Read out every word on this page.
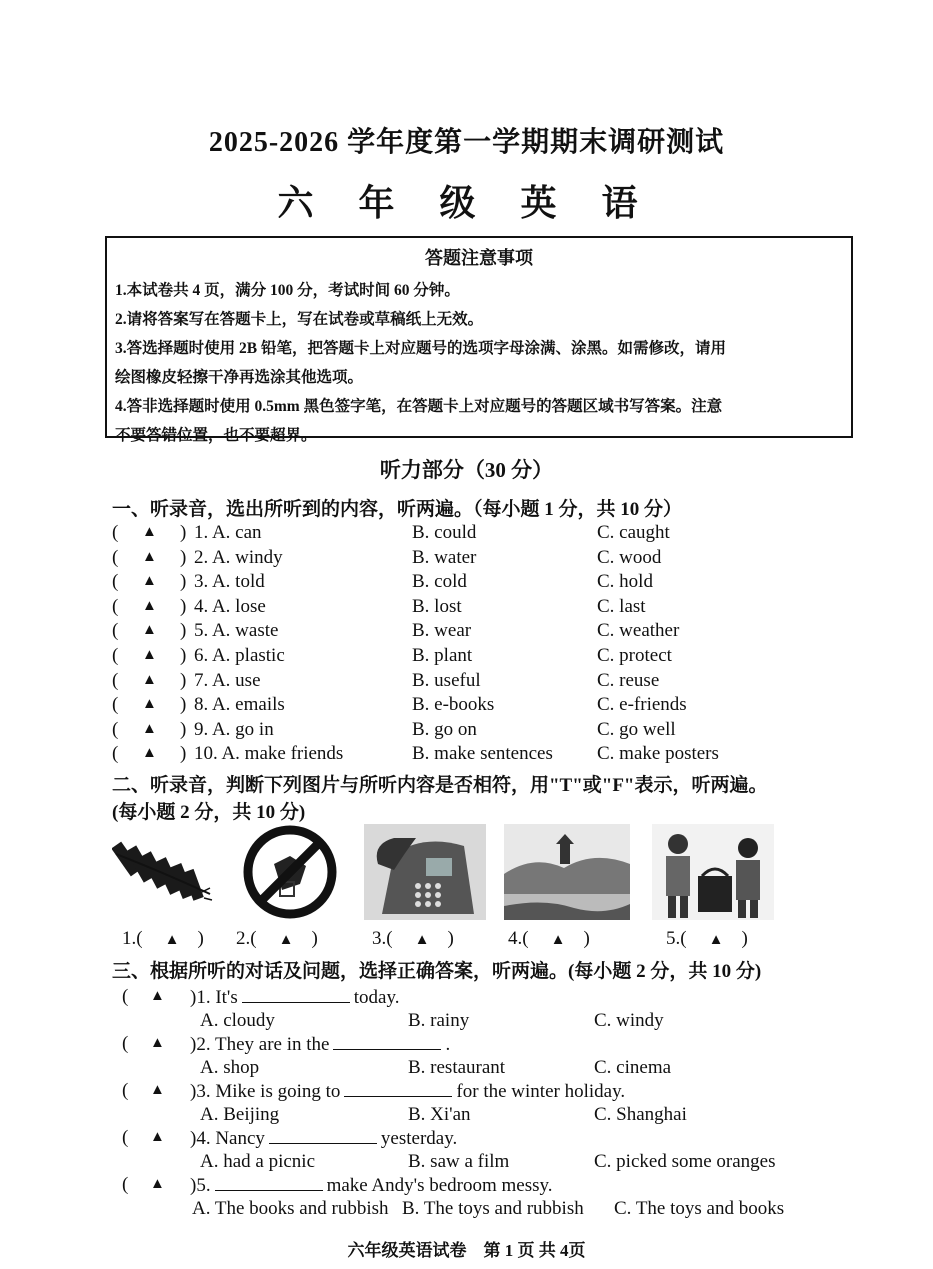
2025-2026 学年度第一学期期末调研测试
六 年 级 英 语
答题注意事项
1.本试卷共 4 页，满分 100 分，考试时间 60 分钟。
2.请将答案写在答题卡上，写在试卷或草稿纸上无效。
3.答选择题时使用 2B 铅笔，把答题卡上对应题号的选项字母涂满、涂黑。如需修改，请用
绘图橡皮轻擦干净再选涂其他选项。
4.答非选择题时使用 0.5mm 黑色签字笔，在答题卡上对应题号的答题区域书写答案。注意
不要答错位置，也不要超界。
听力部分（30 分）
一、听录音，选出所听到的内容，听两遍。（每小题 1 分，共 10 分）
( ▲ ) 1. A. can	B. could	C. caught
( ▲ ) 2. A. windy	B. water	C. wood
( ▲ ) 3. A. told	B. cold	C. hold
( ▲ ) 4. A. lose	B. lost	C. last
( ▲ ) 5. A. waste	B. wear	C. weather
( ▲ ) 6. A. plastic	B. plant	C. protect
( ▲ ) 7. A. use	B. useful	C. reuse
( ▲ ) 8. A. emails	B. e-books	C. e-friends
( ▲ ) 9. A. go in	B. go on	C. go well
( ▲ ) 10. A. make friends	B. make sentences C. make posters
二、听录音，判断下列图片与所听内容是否相符，用"T"或"F"表示，听两遍。
(每小题 2 分，共 10 分)
1.( ▲ ) 2.( ▲ )	3.( ▲ )	4.( ▲ )	5.( ▲ )
三、根据所听的对话及问题，选择正确答案，听两遍。(每小题 2 分，共 10 分)
( ▲ )1. It's	today.
A. cloudy	B. rainy	C. windy
( ▲ )2. They are in the	.
A. shop	B. restaurant	C. cinema
( ▲ )3. Mike is going to	for the winter holiday.
A. Beijing	B. Xi'an	C. Shanghai
( ▲ )4. Nancy	yesterday.
A. had a picnic	B. saw a film	C. picked some oranges
( ▲ )5.	make Andy's bedroom messy.
A. The books and rubbish B. The toys and rubbish C. The toys and books
六年级英语试卷　第 1 页 共 4页
